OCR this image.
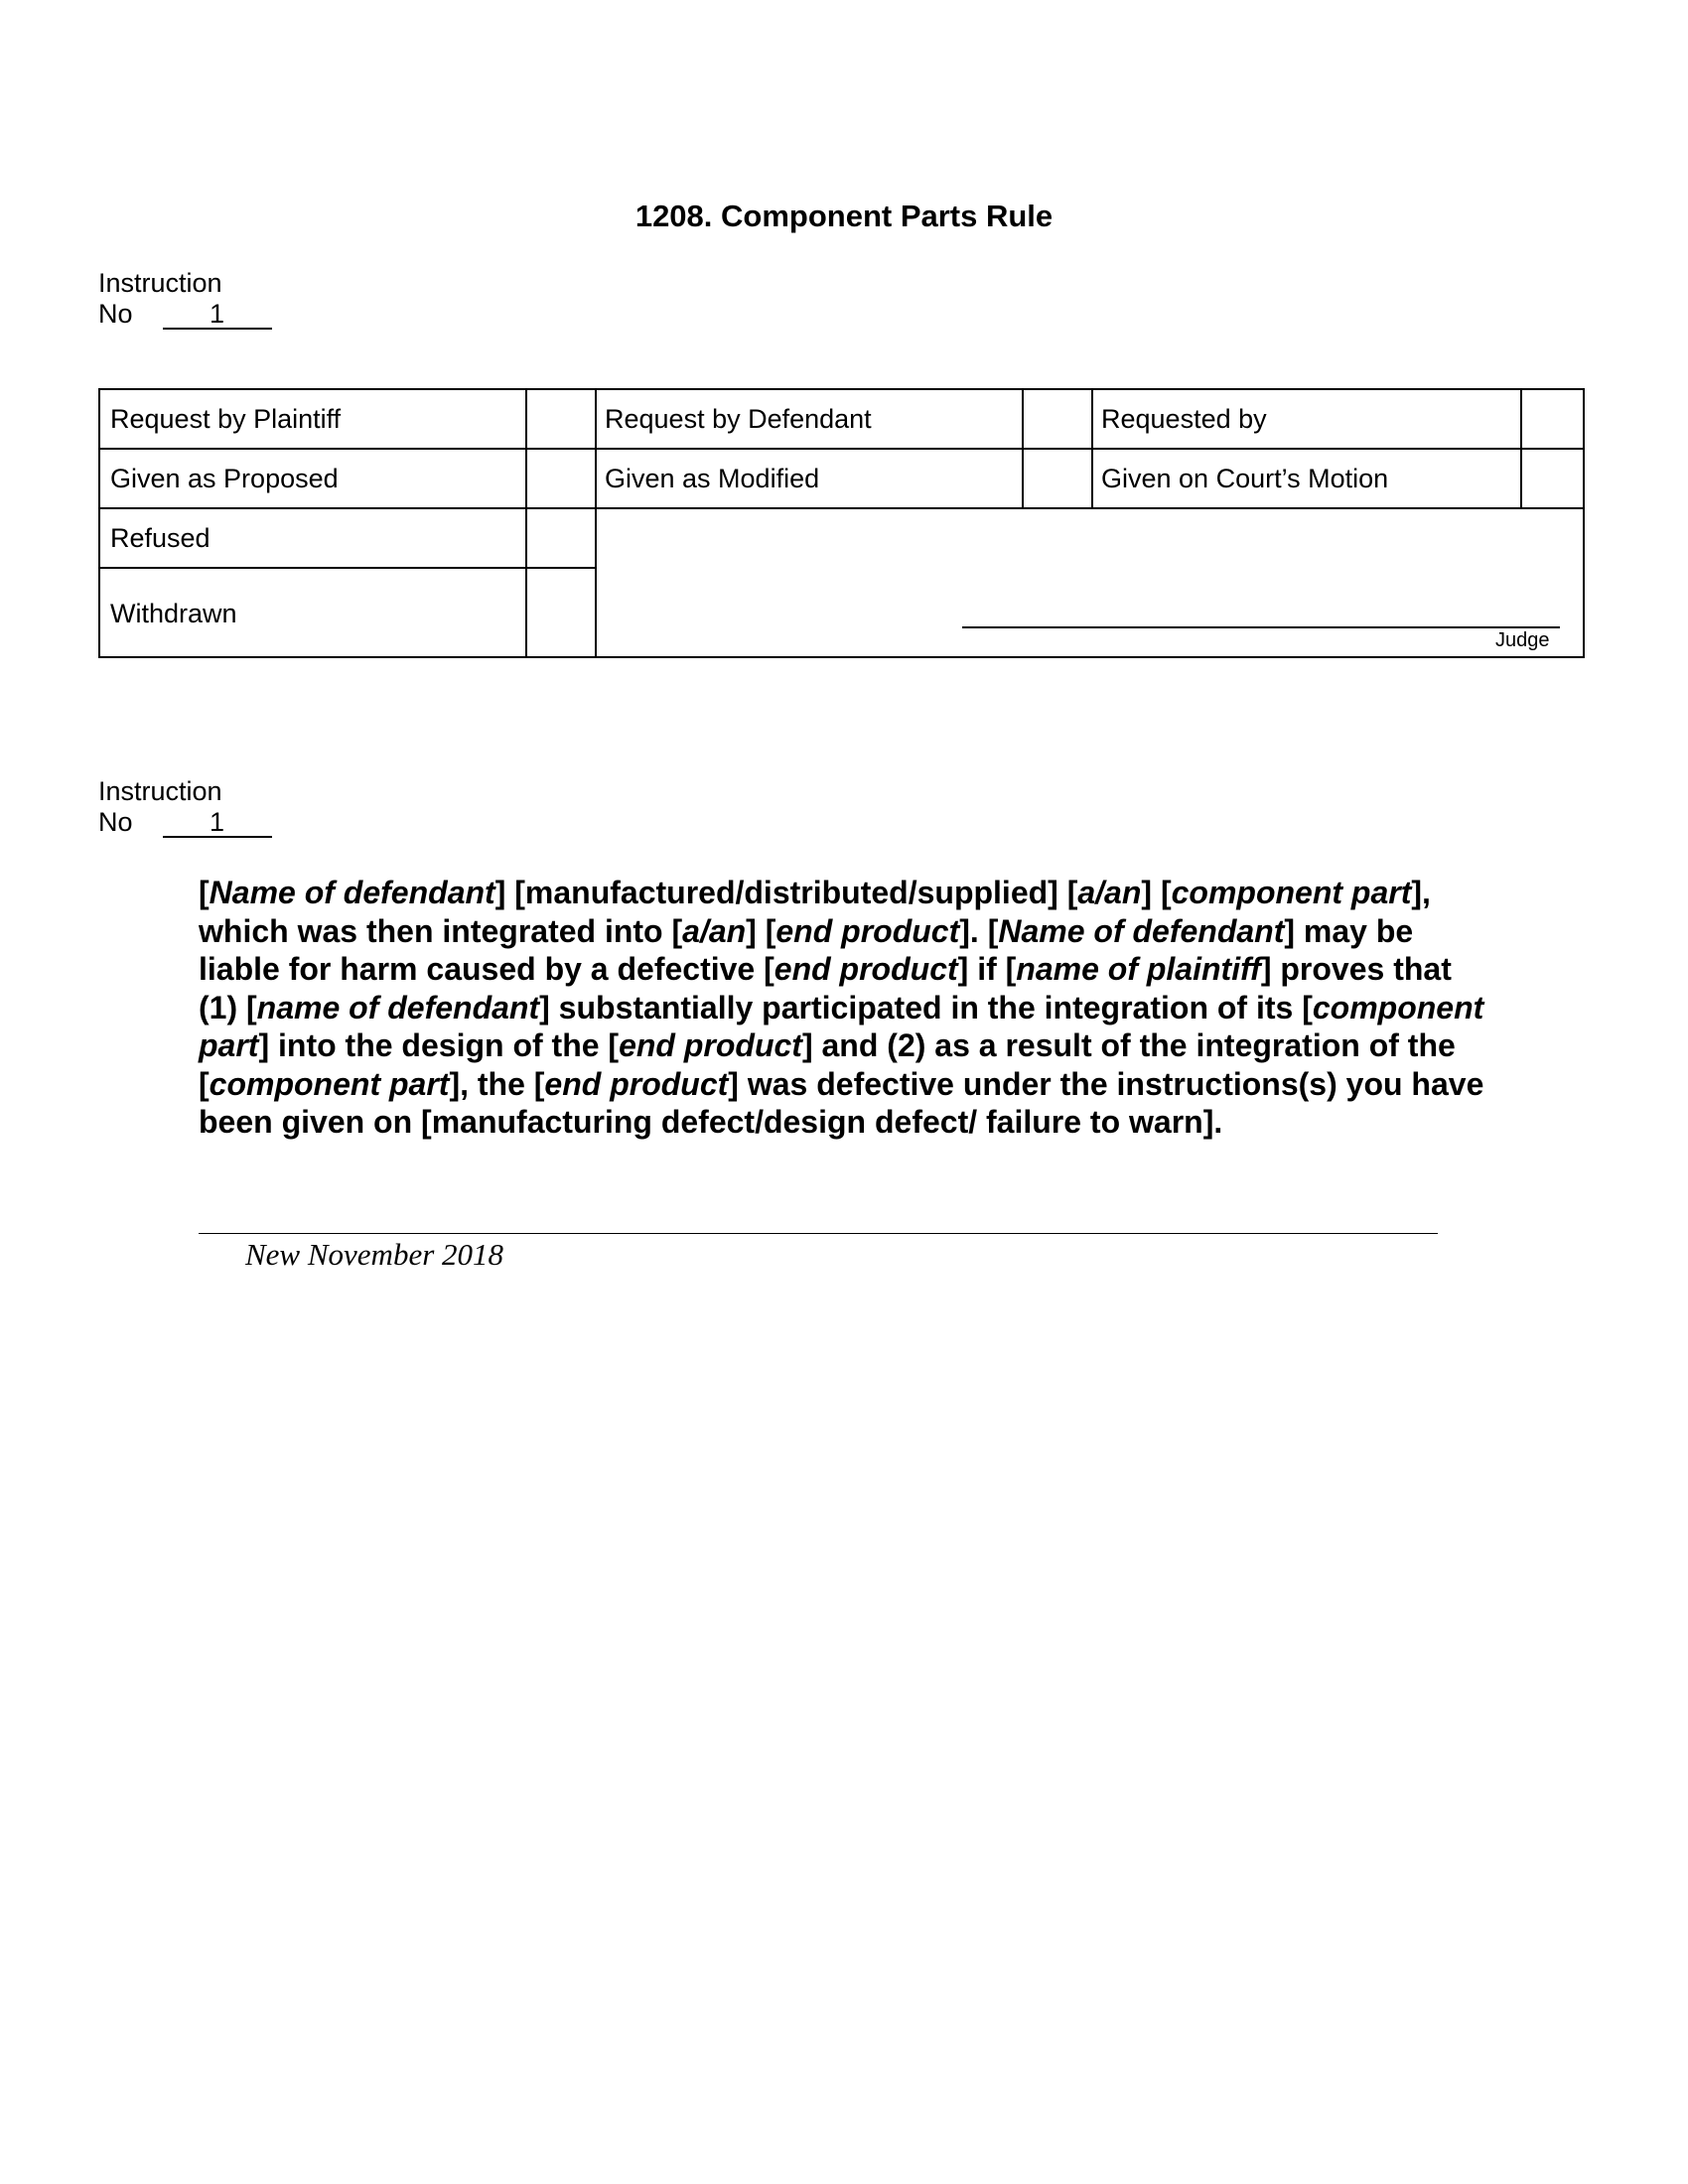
1208. Component Parts Rule
Instruction
No	1
Request by Plaintiff	Request by Defendant	Requested by
Given as Proposed	Given as Modified	Given on Court’s Motion
Refused
Withdrawn
Judge
Instruction
No	1
[Name of defendant] [manufactured/distributed/supplied] [a/an] [component part], which was then integrated into [a/an] [end product]. [Name of defendant] may be liable for harm caused by a defective [end product] if [name of plaintiff] proves that (1) [name of defendant] substantially participated in the integration of its [component part] into the design of the [end product] and (2) as a result of the integration of the [component part], the [end product] was defective under the instructions(s) you have been given on [manufacturing defect/design defect/ failure to warn].
New November 2018
